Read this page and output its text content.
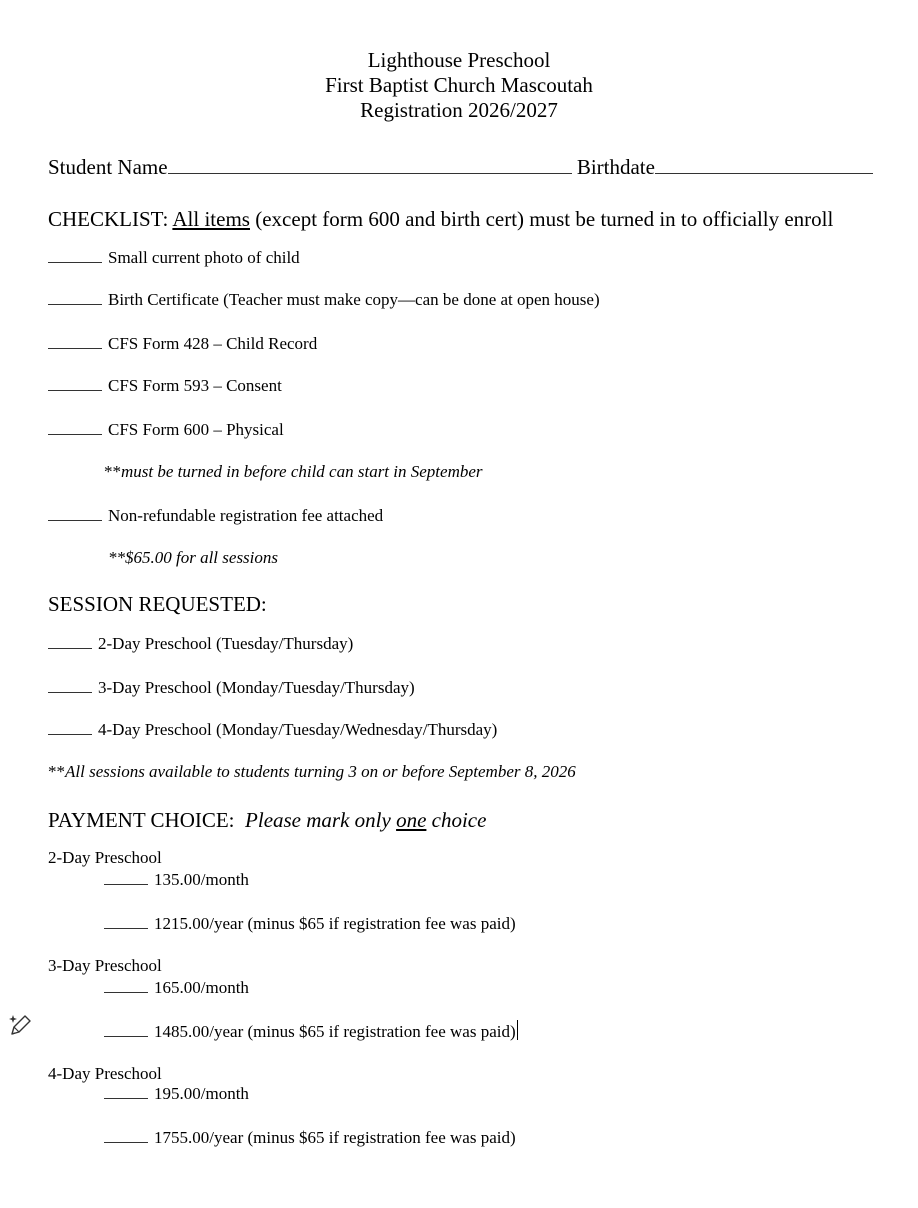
Lighthouse Preschool
First Baptist Church Mascoutah
Registration 2026/2027
Student Name	Birthdate
CHECKLIST: All items (except form 600 and birth cert) must be turned in to officially enroll
Small current photo of child
Birth Certificate (Teacher must make copy—can be done at open house)
CFS Form 428 – Child Record
CFS Form 593 – Consent
CFS Form 600 – Physical
**must be turned in before child can start in September
Non-refundable registration fee attached
**$65.00 for all sessions
SESSION REQUESTED:
2-Day Preschool (Tuesday/Thursday)
3-Day Preschool (Monday/Tuesday/Thursday)
4-Day Preschool (Monday/Tuesday/Wednesday/Thursday)
**All sessions available to students turning 3 on or before September 8, 2026
PAYMENT CHOICE: Please mark only one choice
2-Day Preschool
135.00/month
1215.00/year (minus $65 if registration fee was paid)
3-Day Preschool
165.00/month
1485.00/year (minus $65 if registration fee was paid)
4-Day Preschool
195.00/month
1755.00/year (minus $65 if registration fee was paid)
